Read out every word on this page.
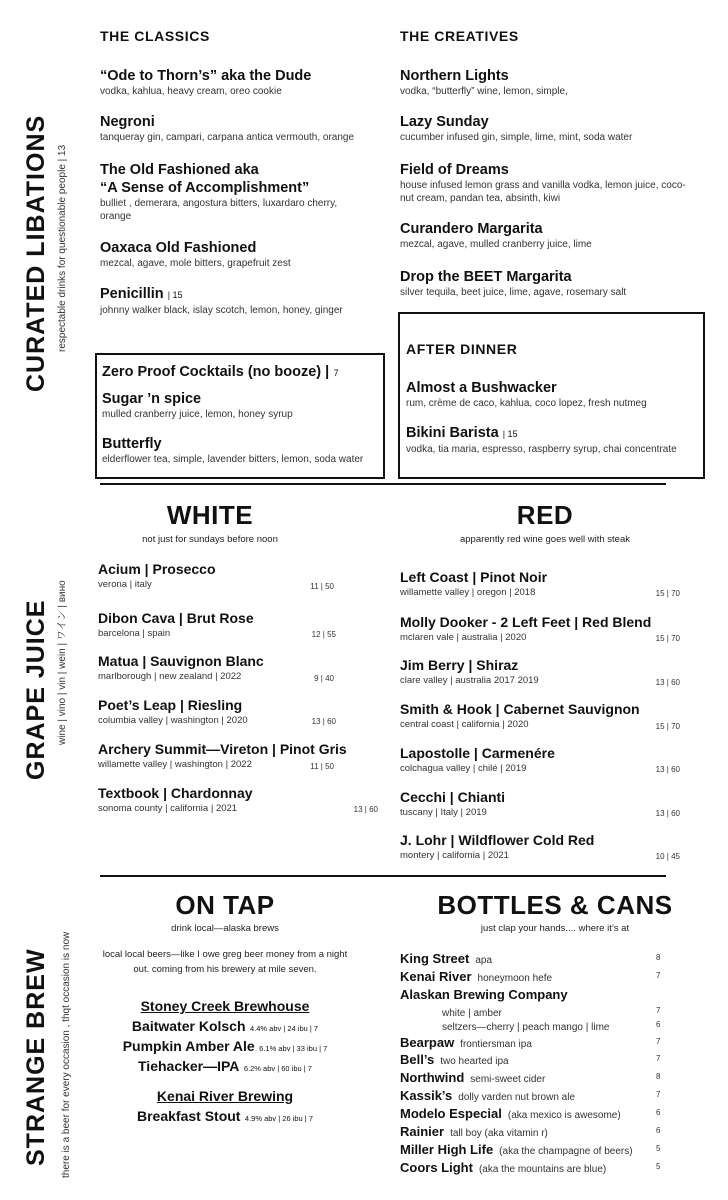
CURATED LIBATIONS respectable drinks for questionable people | 13
GRAPE JUICE wine | vino | vin | wein | ワイン | вино
STRANGE BREW	there is a beer for every occasion , thqt occasion is now
THE CLASSICS
“Ode to Thorn’s” aka the Dude
vodka, kahlua, heavy cream, oreo cookie
Negroni
tanqueray gin, campari, carpana antica vermouth, orange
The Old Fashioned aka
“A Sense of Accomplishment”
bulliet , demerara, angostura bitters, luxardaro cherry,
orange
Oaxaca Old Fashioned
mezcal, agave, mole bitters, grapefruit zest
Penicillin | 15
johnny walker black, islay scotch, lemon, honey, ginger
THE CREATIVES
Northern Lights
vodka, “butterfly” wine, lemon, simple,
Lazy Sunday
cucumber infused gin, simple, lime, mint, soda water
Field of Dreams
house infused lemon grass and vanilla vodka, lemon juice, coco-
nut cream, pandan tea, absinth, kiwi
Curandero Margarita
mezcal, agave, mulled cranberry juice, lime
Drop the BEET Margarita
silver tequila, beet juice, lime, agave, rosemary salt
Zero Proof Cocktails (no booze) | 7
Sugar ’n spice
mulled cranberry juice, lemon, honey syrup
Butterfly
elderflower tea, simple, lavender bitters, lemon, soda water
AFTER DINNER
Almost a Bushwacker
rum, crème de caco, kahlua, coco lopez, fresh nutmeg
Bikini Barista | 15
vodka, tia maria, espresso, raspberry syrup, chai concentrate
WHITE
not just for sundays before noon
Acium | Prosecco
verona | italy	11 | 50
Dibon Cava | Brut Rose
barcelona | spain	12 | 55
Matua | Sauvignon Blanc
marlborough | new zealand | 2022	9 | 40
Poet’s Leap | Riesling
columbia valley | washington | 2020	13 | 60
Archery Summit—Vireton | Pinot Gris
willamette valley | washington | 2022	11 | 50
Textbook | Chardonnay
sonoma county | california | 2021	13 | 60
RED
apparently red wine goes well with steak
Left Coast | Pinot Noir
willamette valley | oregon | 2018	15 | 70
Molly Dooker - 2 Left Feet | Red Blend
mclaren vale | australia | 2020	15 | 70
Jim Berry | Shiraz
clare valley | australia 2017 2019	13 | 60
Smith & Hook | Cabernet Sauvignon
central coast | california | 2020	15 | 70
Lapostolle | Carmenére
colchagua valley | chilé | 2019	13 | 60
Cecchi | Chianti
tuscany | Italy | 2019	13 | 60
J. Lohr | Wildflower Cold Red
montery | california | 2021	10 | 45
ON TAP
drink local—alaska brews
local local beers—like I owe greg beer money from a night
out. coming from his brewery at mile seven.
Stoney Creek Brewhouse
Baitwater Kolsch 4.4% abv | 24 ibu | 7
Pumpkin Amber Ale 6.1% abv | 33 ibu | 7
Tiehacker—IPA 6.2% abv | 60 ibu | 7
Kenai River Brewing
Breakfast Stout 4.9% abv | 26 ibu | 7
BOTTLES & CANS
just clap your hands.... where it’s at
King Street apa	8
Kenai River honeymoon hefe	7
Alaskan Brewing Company
white | amber	7
seltzers—cherry | peach mango | lime	6
Bearpaw frontiersman ipa	7
Bell’s two hearted ipa	7
Northwind semi-sweet cider	8
Kassik’s dolly varden nut brown ale	7
Modelo Especial (aka mexico is awesome)	6
Rainier tall boy (aka vitamin r)	6
Miller High Life (aka the champagne of beers)	5
Coors Light (aka the mountains are blue)	5
